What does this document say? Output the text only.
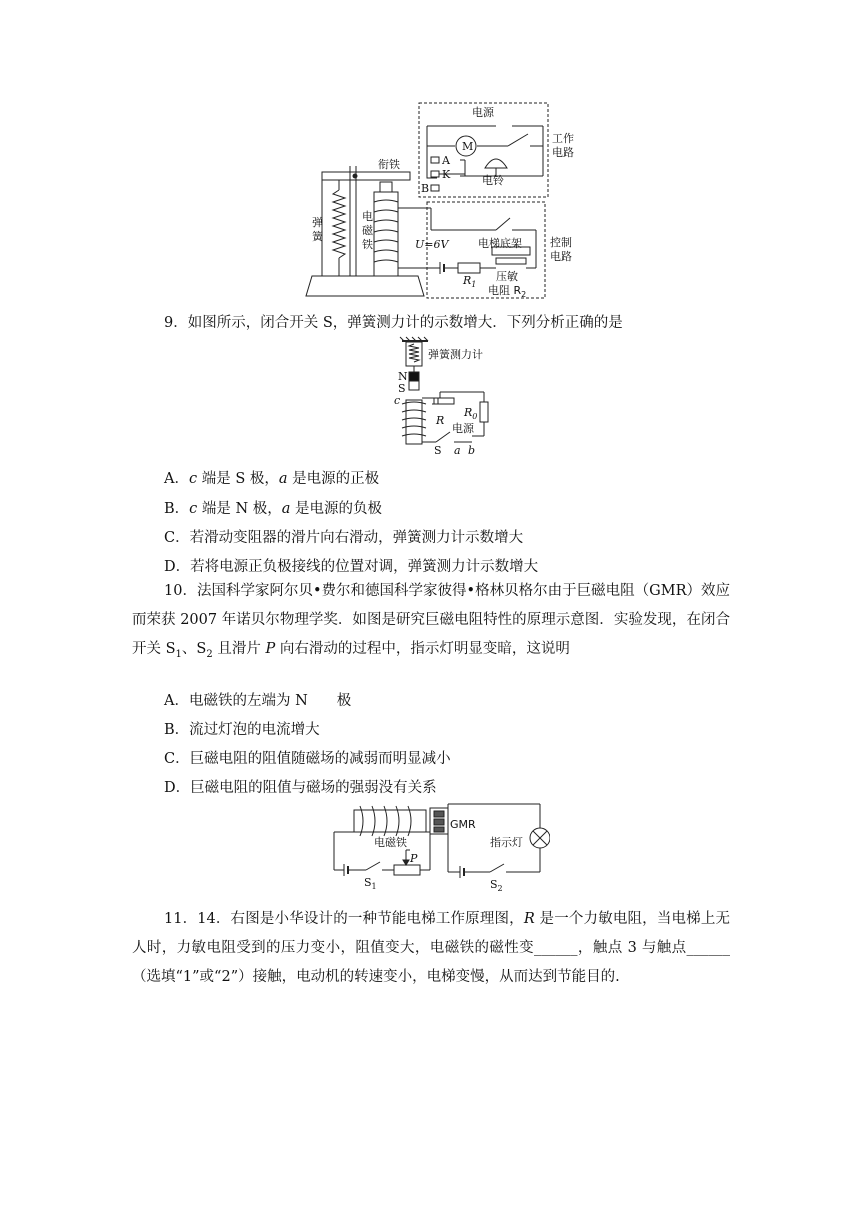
电源
工作
电路
M
A
K
B
电铃
衔铁
弹
簧
电
磁
铁	U=6V	电梯底架	控制
电路
$R_1$
压敏
电阻 $R_2$
9．如图所示，闭合开关 S，弹簧测力计的示数增大．下列分析正确的是
弹簧测力计
N
S
c
R
$R_0$
电源
S a b
A．c 端是 S 极，a 是电源的正极
B．c 端是 N 极，a 是电源的负极
C．若滑动变阻器的滑片向右滑动，弹簧测力计示数增大
D．若将电源正负极接线的位置对调，弹簧测力计示数增大
10．法国科学家阿尔贝•费尔和德国科学家彼得•格林贝格尔由于巨磁电阻（GMR）效应而荣获 2007 年诺贝尔物理学奖．如图是研究巨磁电阻特性的原理示意图．实验发现，在闭合开关 $S_1$、$S_2$ 且滑片 P 向右滑动的过程中，指示灯明显变暗，这说明
A．电磁铁的左端为 N　　极
B．流过灯泡的电流增大
C．巨磁电阻的阻值随磁场的减弱而明显减小
D．巨磁电阻的阻值与磁场的强弱没有关系
GMR
电磁铁	指示灯
P
$S_1$	$S_2$
11．14．右图是小华设计的一种节能电梯工作原理图，R 是一个力敏电阻，当电梯上无人时，力敏电阻受到的压力变小，阻值变大，电磁铁的磁性变______，触点 3 与触点______（选填“1”或“2”）接触，电动机的转速变小，电梯变慢，从而达到节能目的.
